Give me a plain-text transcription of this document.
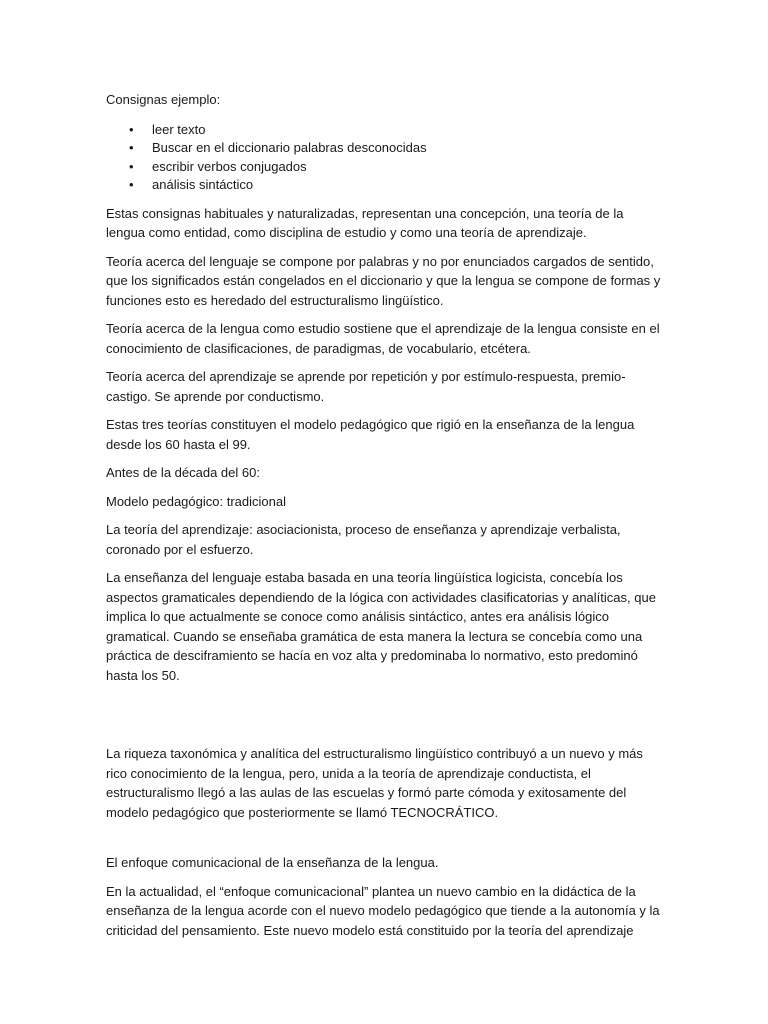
Consignas ejemplo:
• leer texto
• Buscar en el diccionario palabras desconocidas
• escribir verbos conjugados
• análisis sintáctico

Estas consignas habituales y naturalizadas, representan una concepción, una teoría de la lengua como entidad, como disciplina de estudio y como una teoría de aprendizaje.

Teoría acerca del lenguaje se compone por palabras y no por enunciados cargados de sentido, que los significados están congelados en el diccionario y que la lengua se compone de formas y funciones esto es heredado del estructuralismo lingüístico.

Teoría acerca de la lengua como estudio sostiene que el aprendizaje de la lengua consiste en el conocimiento de clasificaciones, de paradigmas, de vocabulario, etcétera.

Teoría acerca del aprendizaje se aprende por repetición y por estímulo-respuesta, premio- castigo. Se aprende por conductismo.

Estas tres teorías constituyen el modelo pedagógico que rigió en la enseñanza de la lengua desde los 60 hasta el 99.

Antes de la década del 60:

Modelo pedagógico: tradicional

La teoría del aprendizaje: asociacionista, proceso de enseñanza y aprendizaje verbalista, coronado por el esfuerzo.

La enseñanza del lenguaje estaba basada en una teoría lingüística logicista, concebía los aspectos gramaticales dependiendo de la lógica con actividades clasificatorias y analíticas, que implica lo que actualmente se conoce como análisis sintáctico, antes era análisis lógico gramatical. Cuando se enseñaba gramática de esta manera la lectura se concebía como una práctica de desciframiento se hacía en voz alta y predominaba lo normativo, esto predominó hasta los 50.

La riqueza taxonómica y analítica del estructuralismo lingüístico contribuyó a un nuevo y más rico conocimiento de la lengua, pero, unida a la teoría de aprendizaje conductista, el estructuralismo llegó a las aulas de las escuelas y formó parte cómoda y exitosamente del modelo pedagógico que posteriormente se llamó TECNOCRÁTICO.

El enfoque comunicacional de la enseñanza de la lengua.

En la actualidad, el “enfoque comunicacional” plantea un nuevo cambio en la didáctica de la enseñanza de la lengua acorde con el nuevo modelo pedagógico que tiende a la autonomía y la criticidad del pensamiento. Este nuevo modelo está constituido por la teoría del aprendizaje
